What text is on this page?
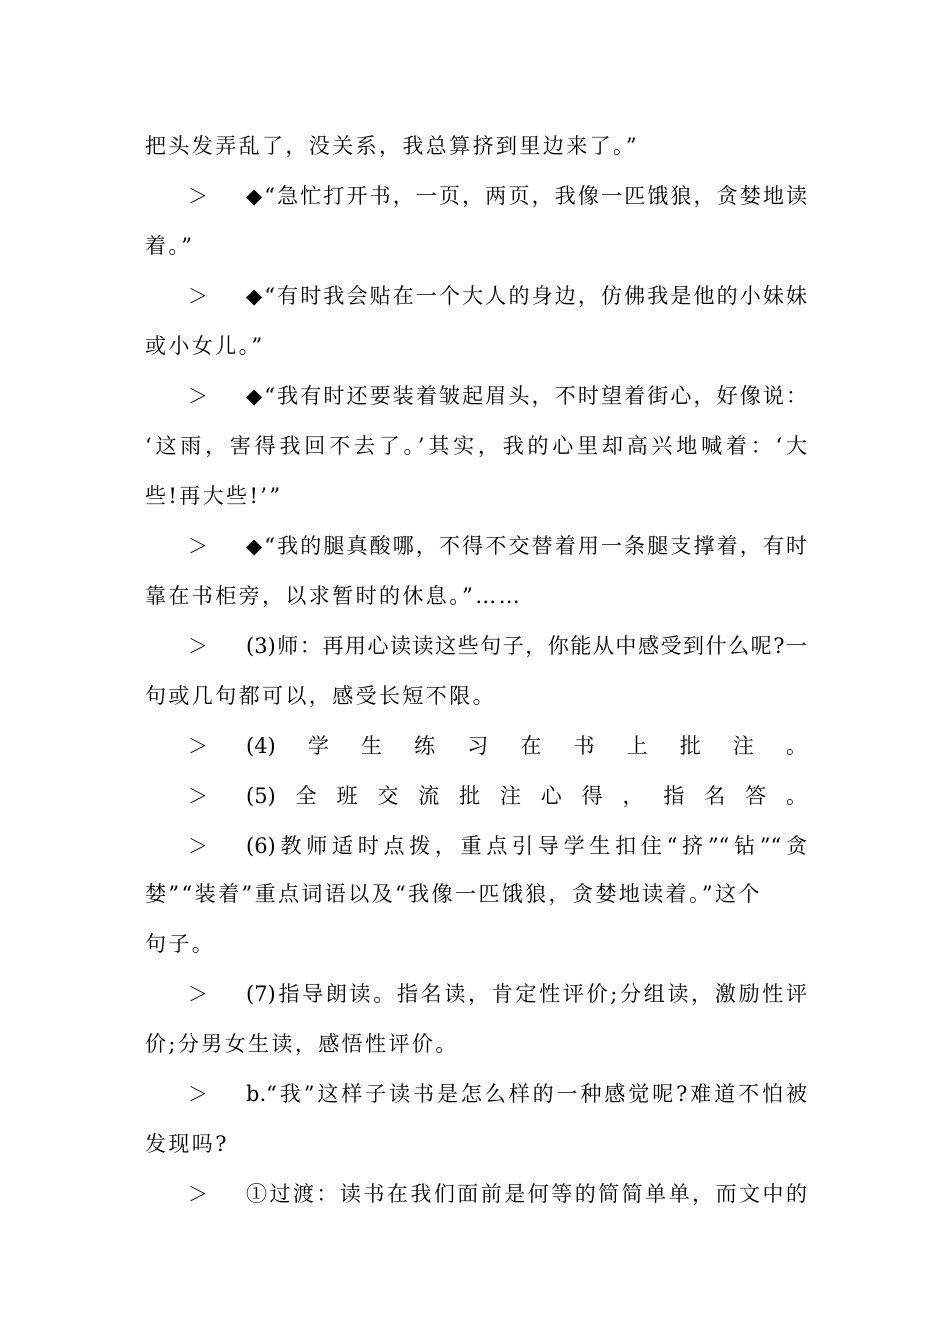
把头发弄乱了，没关系，我总算挤到里边来了。”
＞ ◆“急忙打开书，一页，两页，我像一匹饿狼，贪婪地读
着。”
＞ ◆“有时我会贴在一个大人的身边，仿佛我是他的小妹妹
或小女儿。”
＞ ◆“我有时还要装着皱起眉头，不时望着街心，好像说：
‘这雨，害得我回不去了。’其实，我的心里却高兴地喊着：‘大
些!再大些!’”
＞ ◆“我的腿真酸哪，不得不交替着用一条腿支撑着，有时
靠在书柜旁，以求暂时的休息。”……
＞ (3)师：再用心读读这些句子，你能从中感受到什么呢?一
句或几句都可以，感受长短不限。
＞ (4)学生练习在书上批注。
＞ (5)全班交流批注心得，指名答。
＞ (6)教师适时点拨，重点引导学生扣住“挤”“钻”“贪
婪”“装着”重点词语以及“我像一匹饿狼，贪婪地读着。”这个
句子。
＞ (7)指导朗读。指名读，肯定性评价;分组读，激励性评
价;分男女生读，感悟性评价。
＞ b.“我”这样子读书是怎么样的一种感觉呢?难道不怕被
发现吗?
＞ ①过渡：读书在我们面前是何等的简简单单，而文中的
